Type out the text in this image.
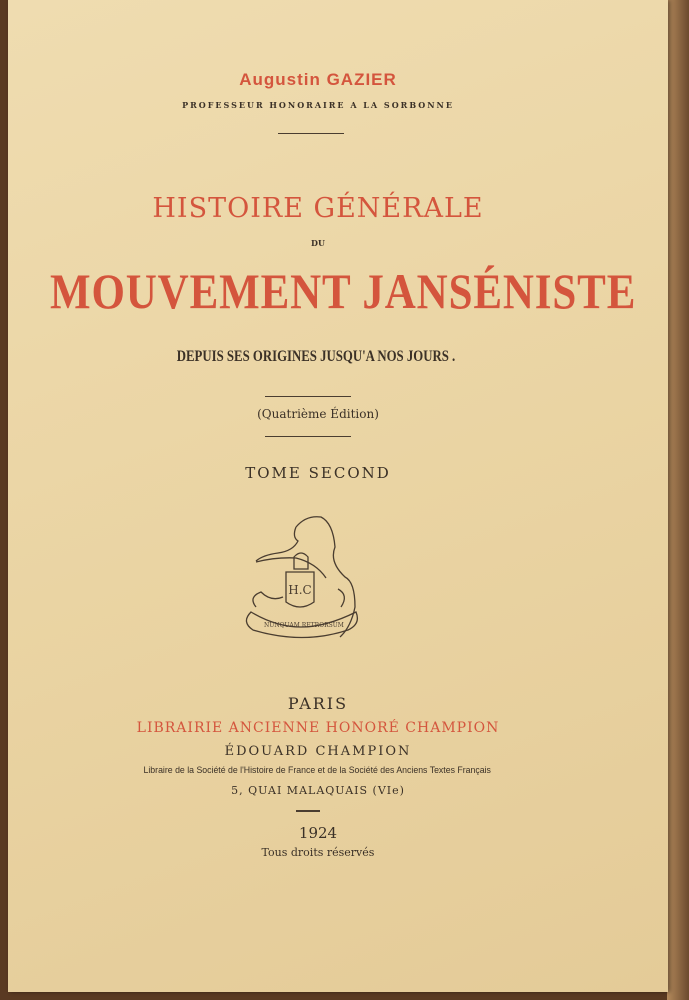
Augustin GAZIER
PROFESSEUR HONORAIRE A LA SORBONNE
HISTOIRE GÉNÉRALE
DU
MOUVEMENT JANSÉNISTE
DEPUIS SES ORIGINES JUSQU'A NOS JOURS .
(Quatrième Édition)
TOME SECOND
H.C
NUNQUAM RETRORSUM
PARIS
LIBRAIRIE ANCIENNE HONORÉ CHAMPION
ÉDOUARD CHAMPION
Libraire de la Société de l'Histoire de France et de la Société des Anciens Textes Français
5, QUAI MALAQUAIS (VIe)
1924
Tous droits réservés
